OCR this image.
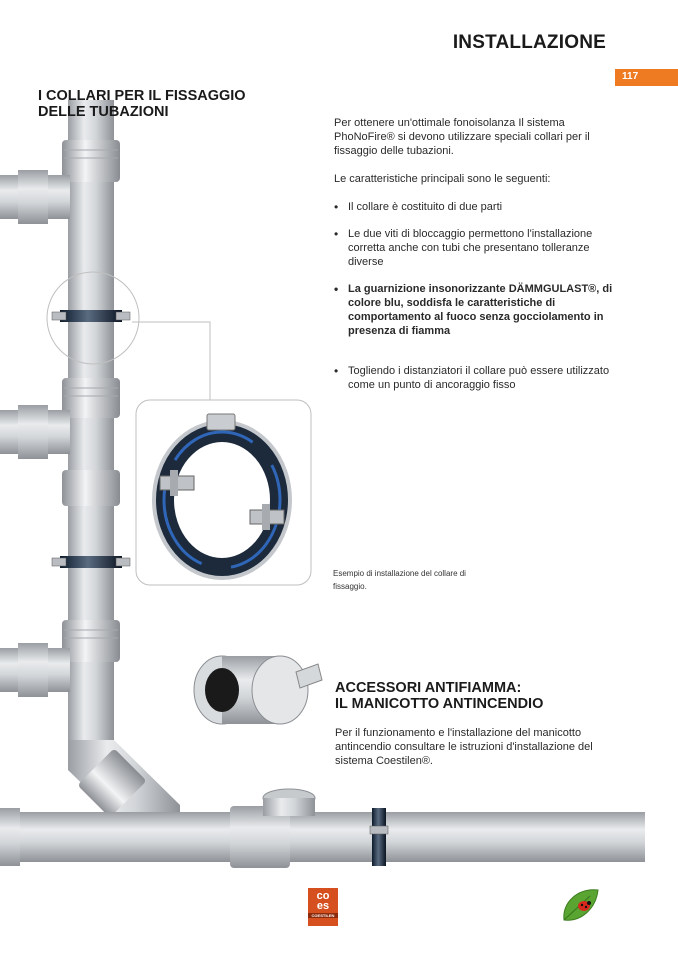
INSTALLAZIONE
117
I COLLARI PER IL FISSAGGIO
DELLE TUBAZIONI

Per ottenere un'ottimale fonoisolanza Il sistema PhoNoFire® si devono utilizzare speciali collari per il fissaggio delle tubazioni.

Le caratteristiche principali sono le seguenti:

• Il collare è costituito di due parti
• Le due viti di bloccaggio permettono l'installazione corretta anche con tubi che presentano tolleranze diverse
• La guarnizione insonorizzante DÄMMGULAST®, di colore blu, soddisfa le caratteristiche di comportamento al fuoco senza gocciolamento in presenza di fiamma
• Togliendo i distanziatori il collare può essere utilizzato come un punto di ancoraggio fisso
Esempio di installazione del collare di fissaggio.
ACCESSORI ANTIFIAMMA:
IL MANICOTTO ANTINCENDIO
Per il funzionamento e l'installazione del manicotto antincendio consultare le istruzioni d'installazione del sistema Coestilen®.
co
es
COESTILEN
